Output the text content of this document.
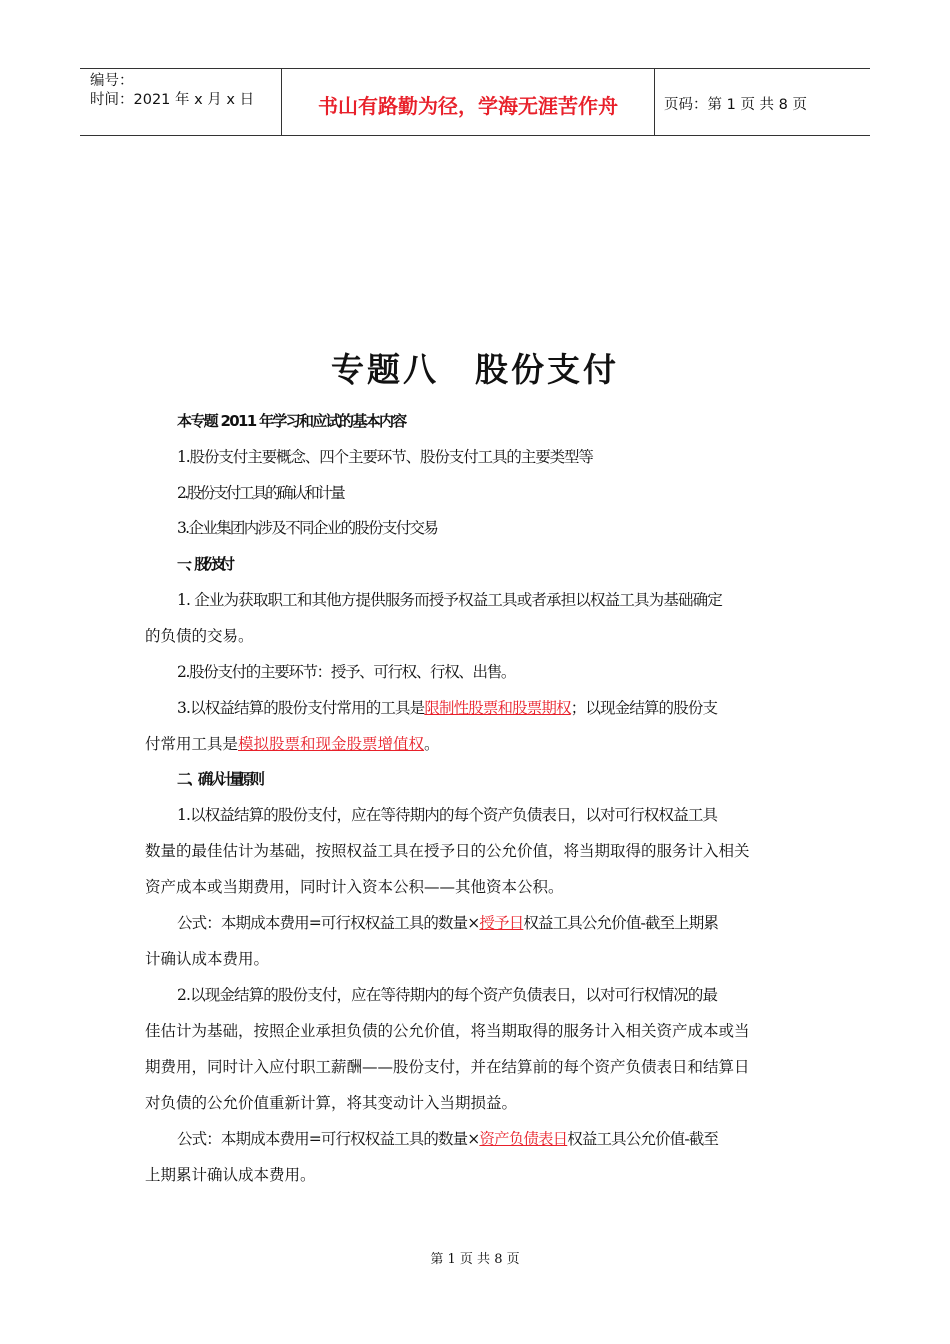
编号：
时间：2021 年 x 月 x 日	书山有路勤为径，学海无涯苦作舟	页码：第 1 页 共 8 页
专题八　股份支付
本专题 2011 年学习和应试的基本内容
1.股份支付主要概念、四个主要环节、股份支付工具的主要类型等
2.股份支付工具的确认和计量
3.企业集团内涉及不同企业的股份支付交易
一、股份支付
1. 企业为获取职工和其他方提供服务而授予权益工具或者承担以权益工具为基础确定
的负债的交易。
2.股份支付的主要环节：授予、可行权、行权、出售。
3.以权益结算的股份支付常用的工具是限制性股票和股票期权；以现金结算的股份支
付常用工具是模拟股票和现金股票增值权。
二、确认计量原则
1.以权益结算的股份支付，应在等待期内的每个资产负债表日，以对可行权权益工具
数量的最佳估计为基础，按照权益工具在授予日的公允价值，将当期取得的服务计入相关
资产成本或当期费用，同时计入资本公积——其他资本公积。
公式：本期成本费用=可行权权益工具的数量×授予日权益工具公允价值-截至上期累
计确认成本费用。
2.以现金结算的股份支付，应在等待期内的每个资产负债表日，以对可行权情况的最
佳估计为基础，按照企业承担负债的公允价值，将当期取得的服务计入相关资产成本或当
期费用，同时计入应付职工薪酬——股份支付，并在结算前的每个资产负债表日和结算日
对负债的公允价值重新计算，将其变动计入当期损益。
公式：本期成本费用=可行权权益工具的数量×资产负债表日权益工具公允价值-截至
上期累计确认成本费用。
第 1 页 共 8 页
